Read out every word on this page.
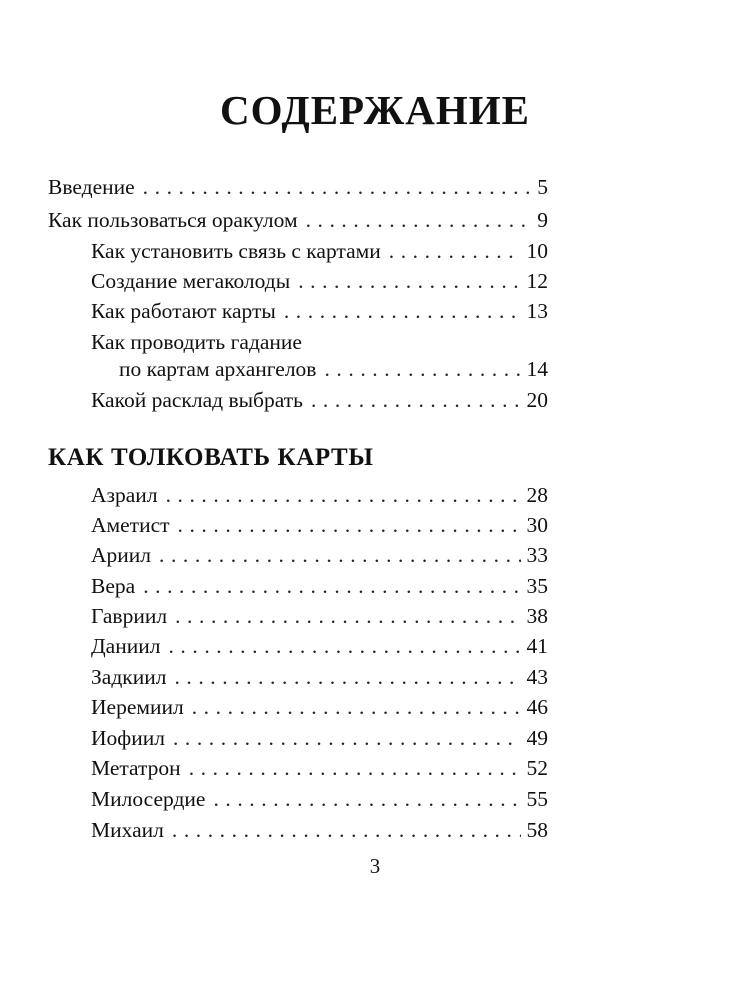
СОДЕРЖАНИЕ
Введение . . .	5
Как пользоваться оракулом . . .	9
Как установить связь с картами . . .	10
Создание мегаколоды . . .	12
Как работают карты . . .	13
Как проводить гадание
по картам архангелов . . .	14
Какой расклад выбрать . . .	20
КАК ТОЛКОВАТЬ КАРТЫ
Азраил . . .	28
Аметист . . .	30
Ариил . . .	33
Вера . . .	35
Гавриил . . .	38
Даниил . . .	41
Задкиил . . .	43
Иеремиил . . .	46
Иофиил . . .	49
Метатрон . . .	52
Милосердие . . .	55
Михаил . . .	58
3
